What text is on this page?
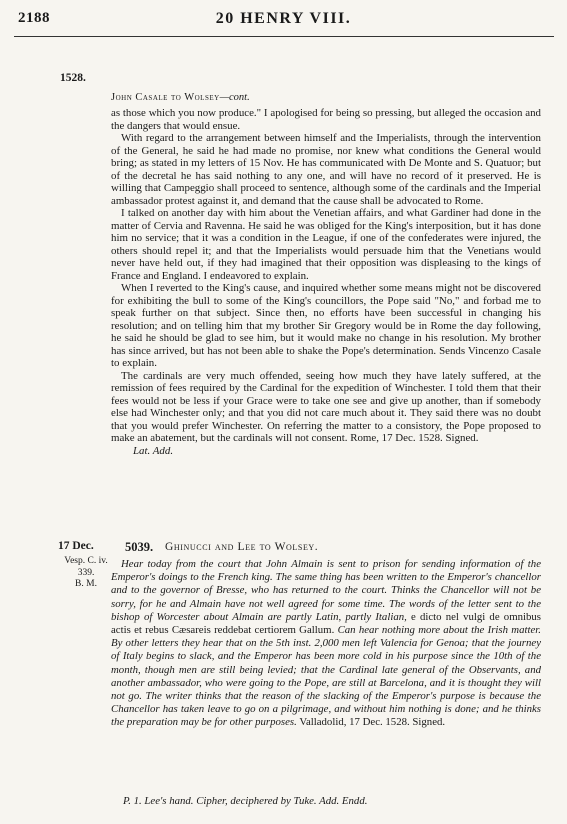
2188	20 HENRY VIII.
1528.
John Casale to Wolsey—cont.

as those which you now produce." I apologised for being so pressing, but alleged the occasion and the dangers that would ensue.

With regard to the arrangement between himself and the Imperialists, through the intervention of the General, he said he had made no promise, nor knew what conditions the General would bring; as stated in my letters of 15 Nov. He has communicated with De Monte and S. Quatuor; but of the decretal he has said nothing to any one, and will have no record of it preserved. He is willing that Campeggio shall proceed to sentence, although some of the cardinals and the Imperial ambassador protest against it, and demand that the cause shall be advocated to Rome.

I talked on another day with him about the Venetian affairs, and what Gardiner had done in the matter of Cervia and Ravenna. He said he was obliged for the King's interposition, but it has done him no service; that it was a condition in the League, if one of the confederates were injured, the others should repel it; and that the Imperialists would persuade him that the Venetians would never have held out, if they had imagined that their opposition was displeasing to the kings of France and England. I endeavored to explain.

When I reverted to the King's cause, and inquired whether some means might not be discovered for exhibiting the bull to some of the King's councillors, the Pope said "No," and forbad me to speak further on that subject. Since then, no efforts have been successful in changing his resolution; and on telling him that my brother Sir Gregory would be in Rome the day following, he said he should be glad to see him, but it would make no change in his resolution. My brother has since arrived, but has not been able to shake the Pope's determination. Sends Vincenzo Casale to explain.

The cardinals are very much offended, seeing how much they have lately suffered, at the remission of fees required by the Cardinal for the expedition of Winchester. I told them that their fees would not be less if your Grace were to take one see and give up another, than if somebody else had Winchester only; and that you did not care much about it. They said there was no doubt that you would prefer Winchester. On referring the matter to a consistory, the Pope proposed to make an abatement, but the cardinals will not consent. Rome, 17 Dec. 1528. Signed.

Lat. Add.

17 Dec.
Vesp. C. iv.
339.
B. M.
5039. Ghinucci and Lee to Wolsey.

Hear today from the court that John Almain is sent to prison for sending information of the Emperor's doings to the French king. The same thing has been written to the Emperor's chancellor and to the governor of Bresse, who has returned to the court. Thinks the Chancellor will not be sorry, for he and Almain have not well agreed for some time. The words of the letter sent to the bishop of Worcester about Almain are partly Latin, partly Italian, e dicto nel vulgi de omnibus actis et rebus Cæsareis reddebat certiorem Gallum. Can hear nothing more about the Irish matter. By other letters they hear that on the 5th inst. 2,000 men left Valencia for Genoa; that the journey of Italy begins to slack, and the Emperor has been more cold in his purpose since the 10th of the month, though men are still being levied; that the Cardinal late general of the Observants, and another ambassador, who were going to the Pope, are still at Barcelona, and it is thought they will not go. The writer thinks that the reason of the slacking of the Emperor's purpose is because the Chancellor has taken leave to go on a pilgrimage, and without him nothing is done; and he thinks the preparation may be for other purposes. Valladolid, 17 Dec. 1528. Signed.

P. 1. Lee's hand. Cipher, deciphered by Tuke. Add. Endd.
